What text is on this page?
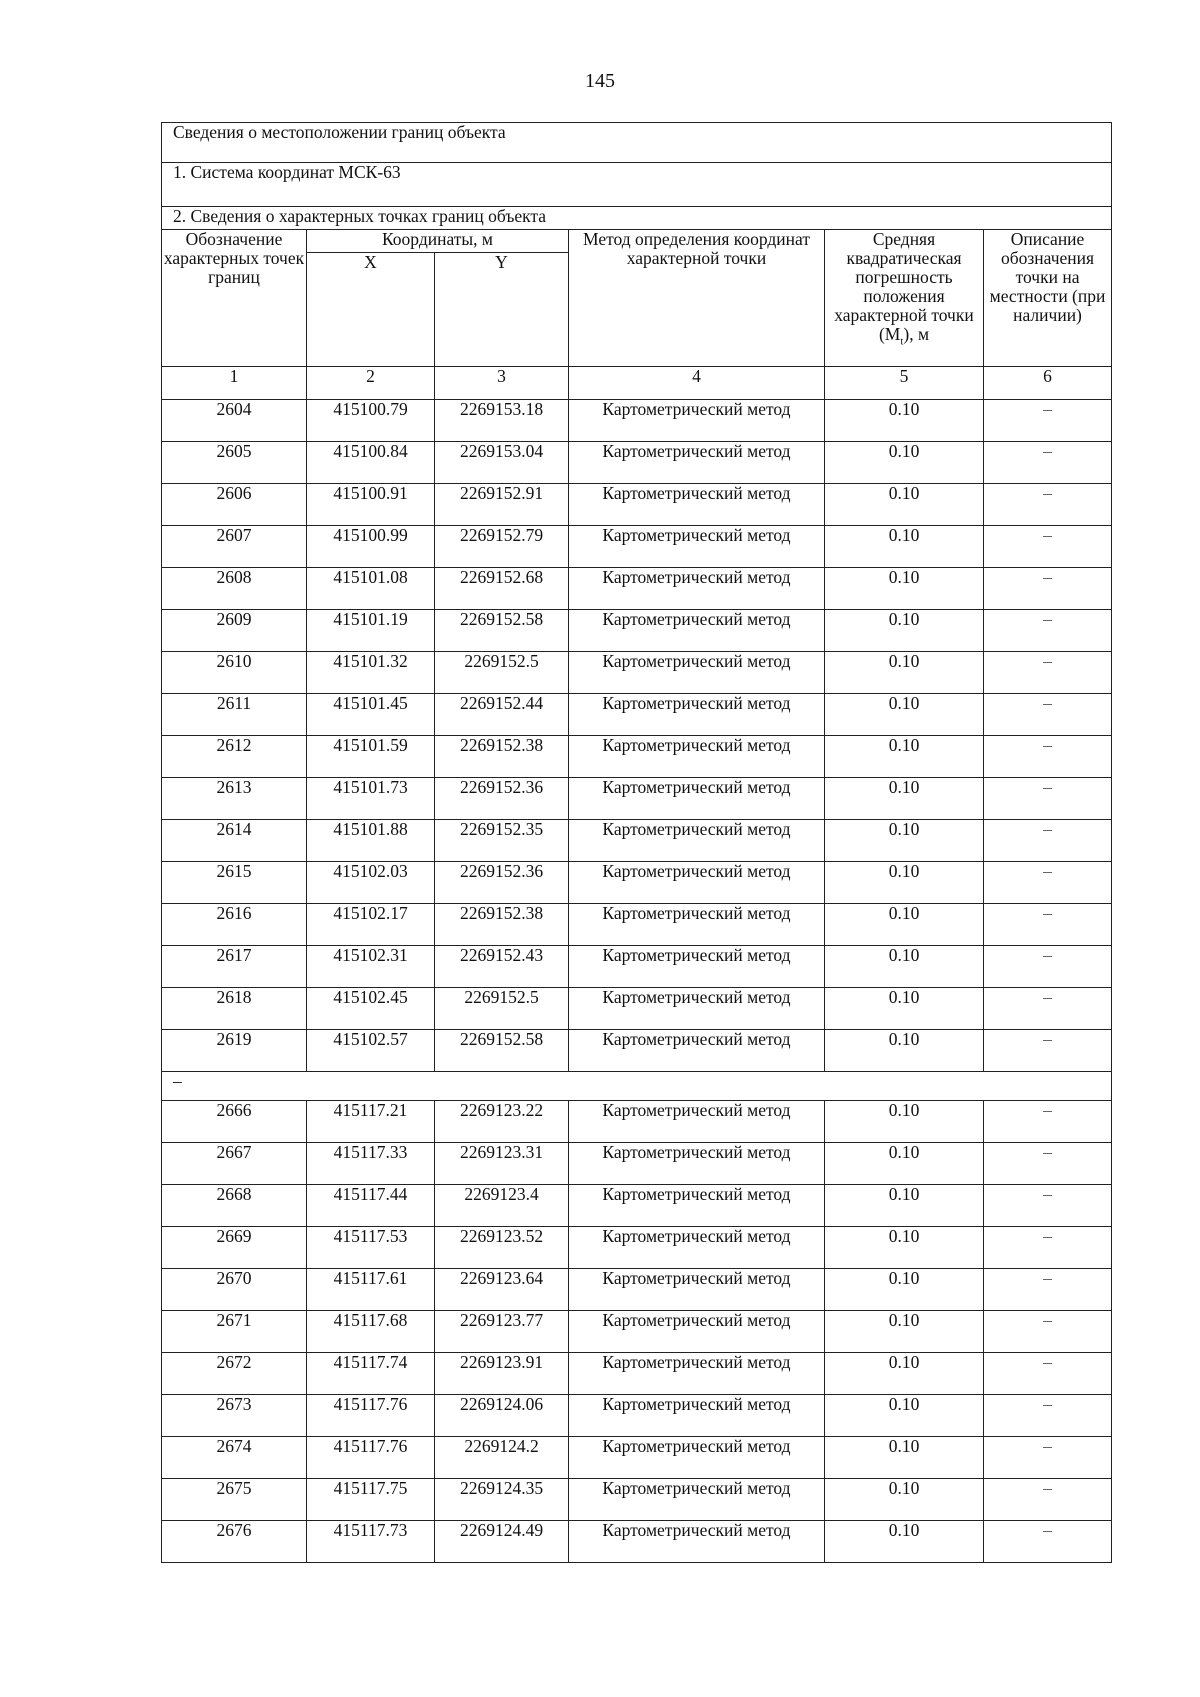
145
Сведения о местоположении границ объекта					
1. Система координат МСК-63					
2. Сведения о характерных точках границ объекта					
Обозначение характерных точек границ	Координаты, м		Метод определения координат характерной точки	Средняя квадратическая погрешность положения характерной точки $(M_t)$, м	Описание обозначения точки на местности (при наличии)
	X	Y			
1	2	3	4	5	6
2604	415100.79	2269153.18	Картометрический метод	0.10	–
2605	415100.84	2269153.04	Картометрический метод	0.10	–
2606	415100.91	2269152.91	Картометрический метод	0.10	–
2607	415100.99	2269152.79	Картометрический метод	0.10	–
2608	415101.08	2269152.68	Картометрический метод	0.10	–
2609	415101.19	2269152.58	Картометрический метод	0.10	–
2610	415101.32	2269152.5	Картометрический метод	0.10	–
2611	415101.45	2269152.44	Картометрический метод	0.10	–
2612	415101.59	2269152.38	Картометрический метод	0.10	–
2613	415101.73	2269152.36	Картометрический метод	0.10	–
2614	415101.88	2269152.35	Картометрический метод	0.10	–
2615	415102.03	2269152.36	Картометрический метод	0.10	–
2616	415102.17	2269152.38	Картометрический метод	0.10	–
2617	415102.31	2269152.43	Картометрический метод	0.10	–
2618	415102.45	2269152.5	Картометрический метод	0.10	–
2619	415102.57	2269152.58	Картометрический метод	0.10	–
–					
2666	415117.21	2269123.22	Картометрический метод	0.10	–
2667	415117.33	2269123.31	Картометрический метод	0.10	–
2668	415117.44	2269123.4	Картометрический метод	0.10	–
2669	415117.53	2269123.52	Картометрический метод	0.10	–
2670	415117.61	2269123.64	Картометрический метод	0.10	–
2671	415117.68	2269123.77	Картометрический метод	0.10	–
2672	415117.74	2269123.91	Картометрический метод	0.10	–
2673	415117.76	2269124.06	Картометрический метод	0.10	–
2674	415117.76	2269124.2	Картометрический метод	0.10	–
2675	415117.75	2269124.35	Картометрический метод	0.10	–
2676	415117.73	2269124.49	Картометрический метод	0.10	–
